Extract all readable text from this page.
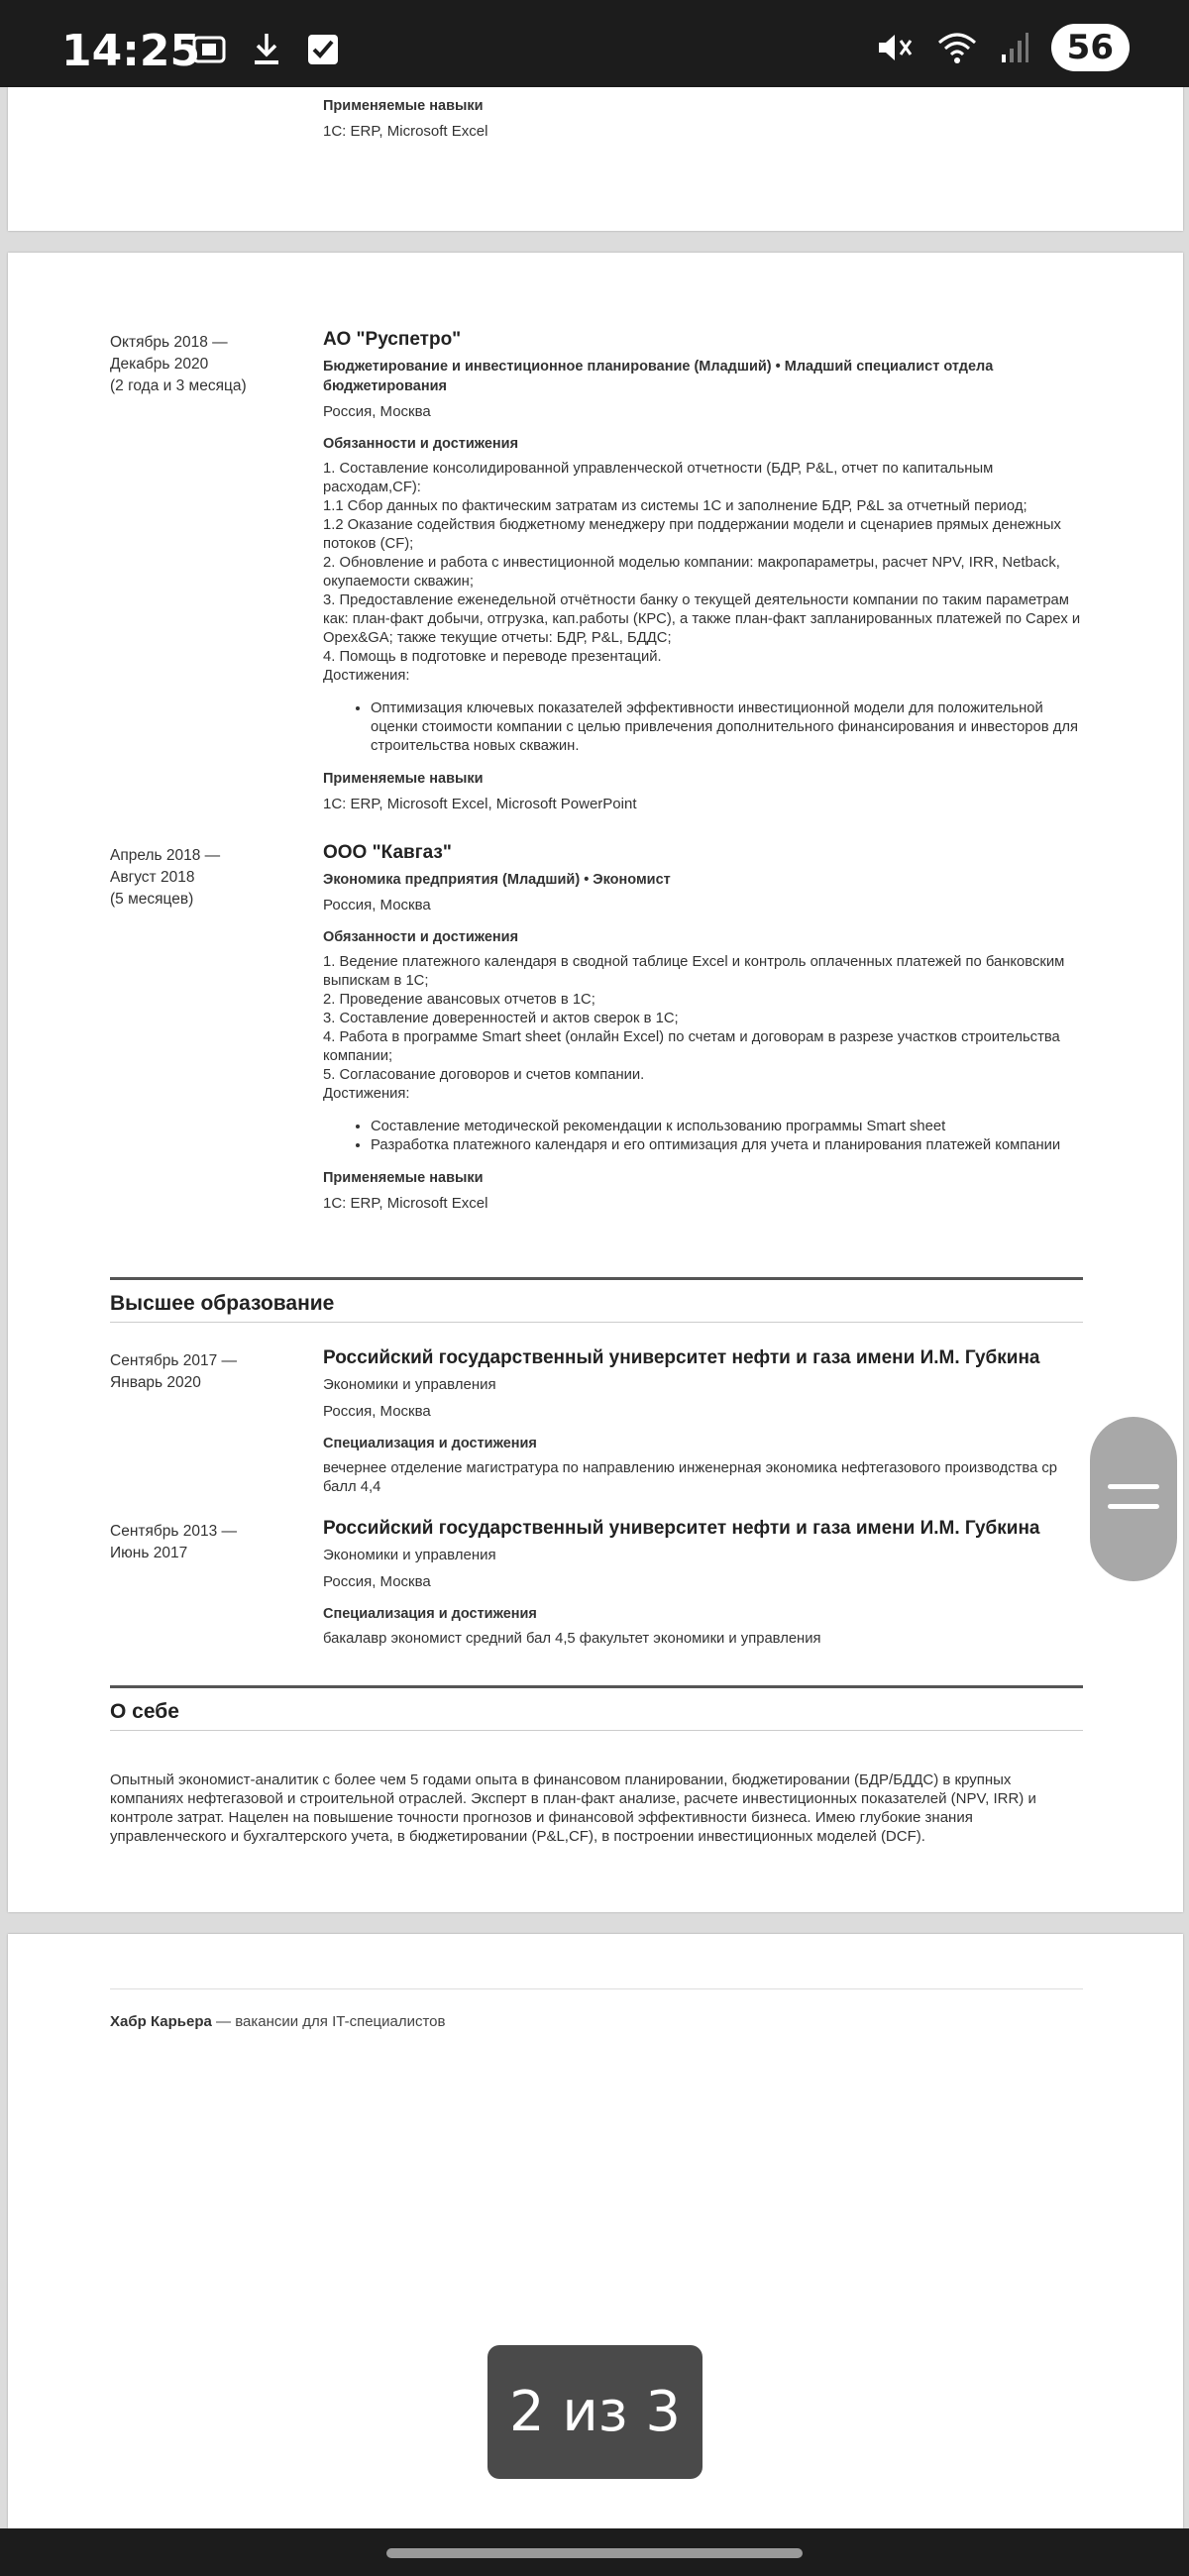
14:25	56
Применяемые навыки
1С: ERP, Microsoft Excel
Октябрь 2018 —
Декабрь 2020
(2 года и 3 месяца)
АО "Руспетро"
Бюджетирование и инвестиционное планирование (Младший) • Младший специалист отдела бюджетирования
Россия, Москва
Обязанности и достижения
1. Составление консолидированной управленческой отчетности (БДР, P&L, отчет по капитальным расходам,CF):
1.1 Сбор данных по фактическим затратам из системы 1С и заполнение БДР, P&L за отчетный период;
1.2 Оказание содействия бюджетному менеджеру при поддержании модели и сценариев прямых денежных потоков (CF);
2. Обновление и работа с инвестиционной моделью компании: макропараметры, расчет NPV, IRR, Netback, окупаемости скважин;
3. Предоставление еженедельной отчётности банку о текущей деятельности компании по таким параметрам как: план-факт добычи, отгрузка, кап.работы (КРС), а также план-факт запланированных платежей по Capex и Opex&GA; также текущие отчеты: БДР, P&L, БДДС;
4. Помощь в подготовке и переводе презентаций.
Достижения:
• Оптимизация ключевых показателей эффективности инвестиционной модели для положительной оценки стоимости компании с целью привлечения дополнительного финансирования и инвесторов для строительства новых скважин.
Применяемые навыки
1С: ERP, Microsoft Excel, Microsoft PowerPoint
Апрель 2018 —
Август 2018
(5 месяцев)
ООО "Кавгаз"
Экономика предприятия (Младший) • Экономист
Россия, Москва
Обязанности и достижения
1. Ведение платежного календаря в сводной таблице Excel и контроль оплаченных платежей по банковским выпискам в 1С;
2. Проведение авансовых отчетов в 1С;
3. Составление доверенностей и актов сверок в 1С;
4. Работа в программе Smart sheet (онлайн Excel) по счетам и договорам в разрезе участков строительства компании;
5. Согласование договоров и счетов компании.
Достижения:
• Составление методической рекомендации к использованию программы Smart sheet
• Разработка платежного календаря и его оптимизация для учета и планирования платежей компании
Применяемые навыки
1С: ERP, Microsoft Excel
Высшее образование
Сентябрь 2017 —
Январь 2020
Российский государственный университет нефти и газа имени И.М. Губкина
Экономики и управления
Россия, Москва
Специализация и достижения
вечернее отделение магистратура по направлению инженерная экономика нефтегазового производства ср балл 4,4
Сентябрь 2013 —
Июнь 2017
Российский государственный университет нефти и газа имени И.М. Губкина
Экономики и управления
Россия, Москва
Специализация и достижения
бакалавр экономист средний бал 4,5 факультет экономики и управления
О себе
Опытный экономист-аналитик с более чем 5 годами опыта в финансовом планировании, бюджетировании (БДР/БДДС) в крупных компаниях нефтегазовой и строительной отраслей. Эксперт в план-факт анализе, расчете инвестиционных показателей (NPV, IRR) и контроле затрат. Нацелен на повышение точности прогнозов и финансовой эффективности бизнеса. Имею глубокие знания управленческого и бухгалтерского учета, в бюджетировании (P&L,CF), в построении инвестиционных моделей (DCF).
Хабр Карьера — вакансии для IT-специалистов
2 из 3
